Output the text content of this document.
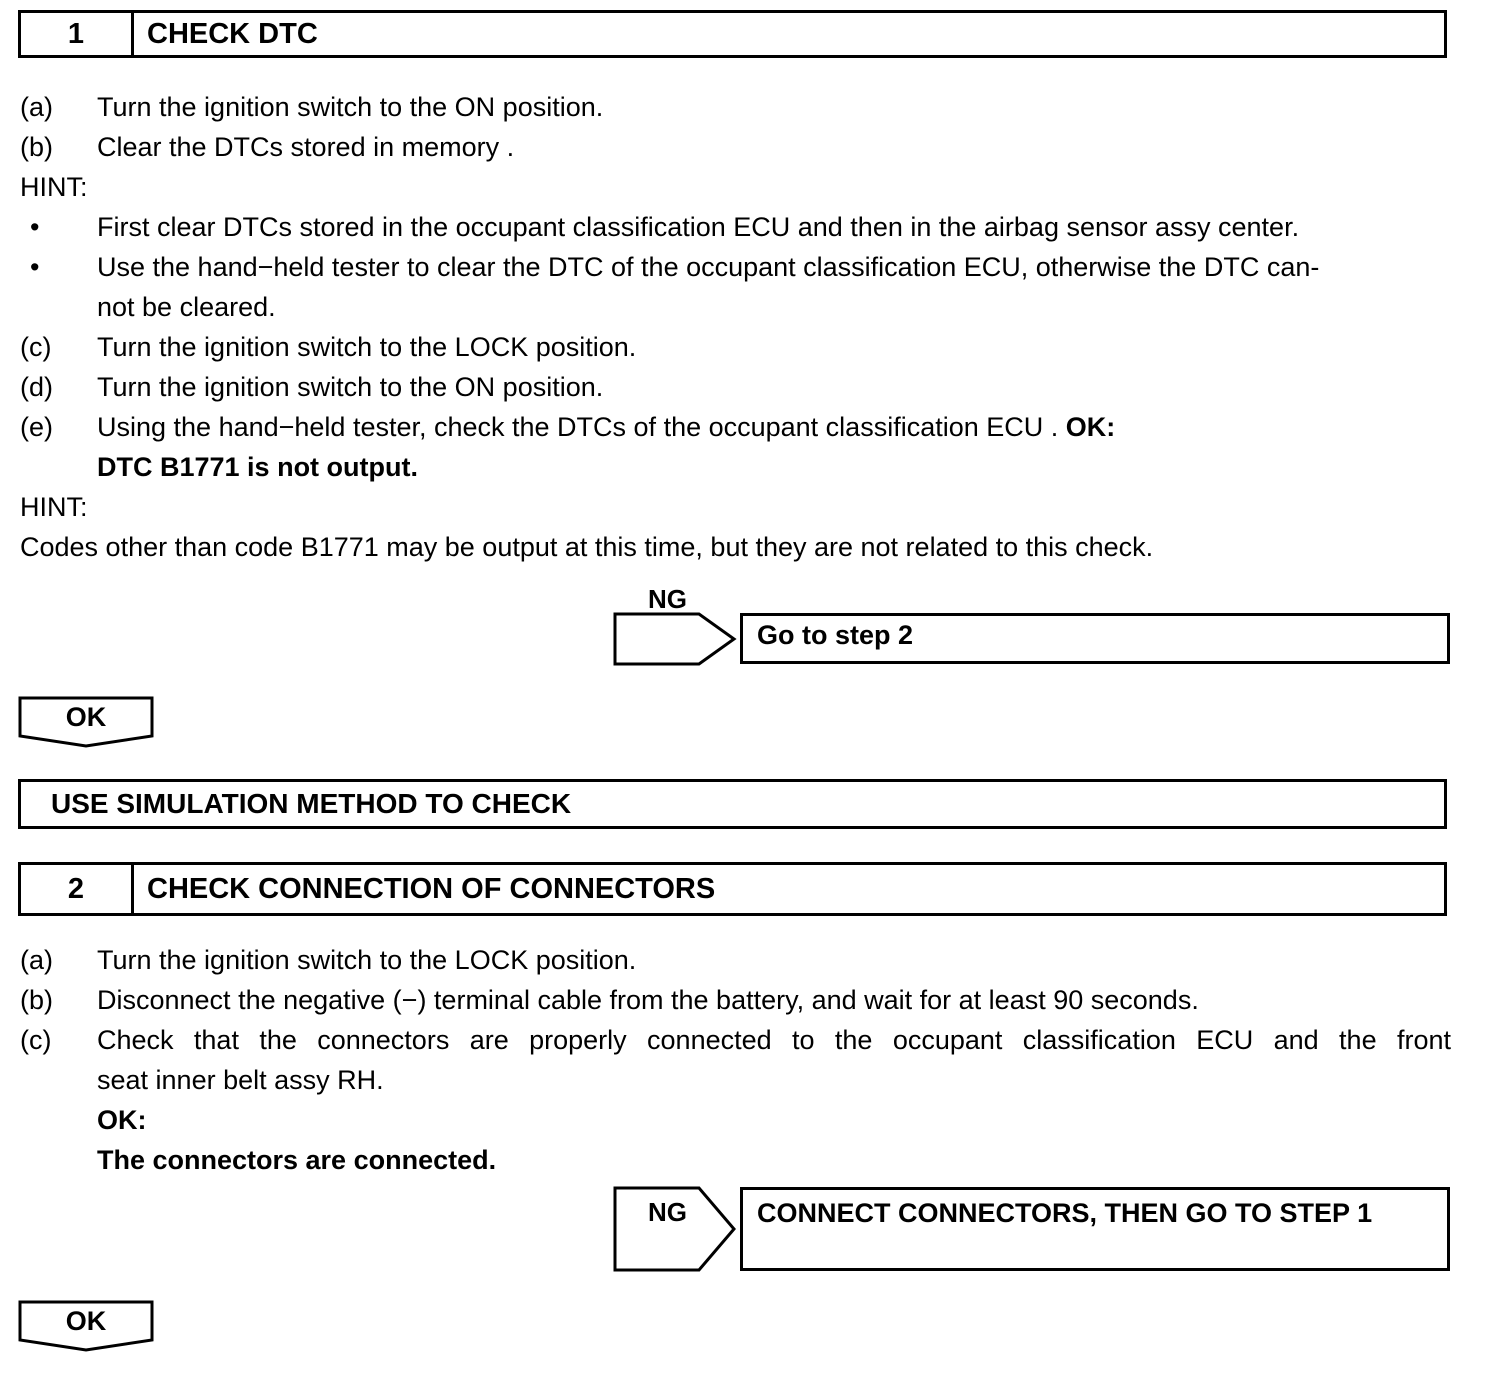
1	CHECK DTC
(a) Turn the ignition switch to the ON position.
(b) Clear the DTCs stored in memory .
HINT:
• First clear DTCs stored in the occupant classification ECU and then in the airbag sensor assy center.
• Use the hand−held tester to clear the DTC of the occupant classification ECU, otherwise the DTC can-
not be cleared.
(c) Turn the ignition switch to the LOCK position.
(d) Turn the ignition switch to the ON position.
(e) Using the hand−held tester, check the DTCs of the occupant classification ECU . OK:
DTC B1771 is not output.
HINT:
Codes other than code B1771 may be output at this time, but they are not related to this check.
NG
Go to step 2
OK
USE SIMULATION METHOD TO CHECK
2	CHECK CONNECTION OF CONNECTORS
(a) Turn the ignition switch to the LOCK position.
(b) Disconnect the negative (−) terminal cable from the battery, and wait for at least 90 seconds.
(c) Check that the connectors are properly connected to the occupant classification ECU and the front
seat inner belt assy RH.
OK:
The connectors are connected.
NG	CONNECT CONNECTORS, THEN GO TO STEP 1
OK
